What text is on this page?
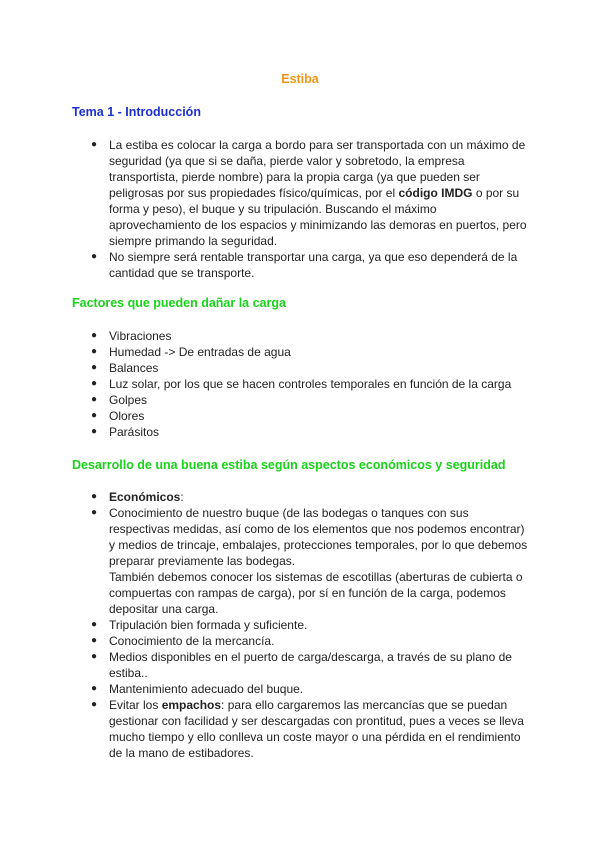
Estiba
Tema 1 - Introducción
● La estiba es colocar la carga a bordo para ser transportada con un máximo de seguridad (ya que si se daña, pierde valor y sobretodo, la empresa transportista, pierde nombre) para la propia carga (ya que pueden ser peligrosas por sus propiedades físico/químicas, por el código IMDG o por su forma y peso), el buque y su tripulación. Buscando el máximo aprovechamiento de los espacios y minimizando las demoras en puertos, pero siempre primando la seguridad.
● No siempre será rentable transportar una carga, ya que eso dependerá de la cantidad que se transporte.
Factores que pueden dañar la carga
● Vibraciones
● Humedad -> De entradas de agua
● Balances
● Luz solar, por los que se hacen controles temporales en función de la carga
● Golpes
● Olores
● Parásitos
Desarrollo de una buena estiba según aspectos económicos y seguridad
● Económicos:
● Conocimiento de nuestro buque (de las bodegas o tanques con sus respectivas medidas, así como de los elementos que nos podemos encontrar) y medios de trincaje, embalajes, protecciones temporales, por lo que debemos preparar previamente las bodegas.
También debemos conocer los sistemas de escotillas (aberturas de cubierta o compuertas con rampas de carga), por sí en función de la carga, podemos depositar una carga.
● Tripulación bien formada y suficiente.
● Conocimiento de la mercancía.
● Medios disponibles en el puerto de carga/descarga, a través de su plano de estiba..
● Mantenimiento adecuado del buque.
● Evitar los empachos: para ello cargaremos las mercancías que se puedan gestionar con facilidad y ser descargadas con prontitud, pues a veces se lleva mucho tiempo y ello conlleva un coste mayor o una pérdida en el rendimiento de la mano de estibadores.
